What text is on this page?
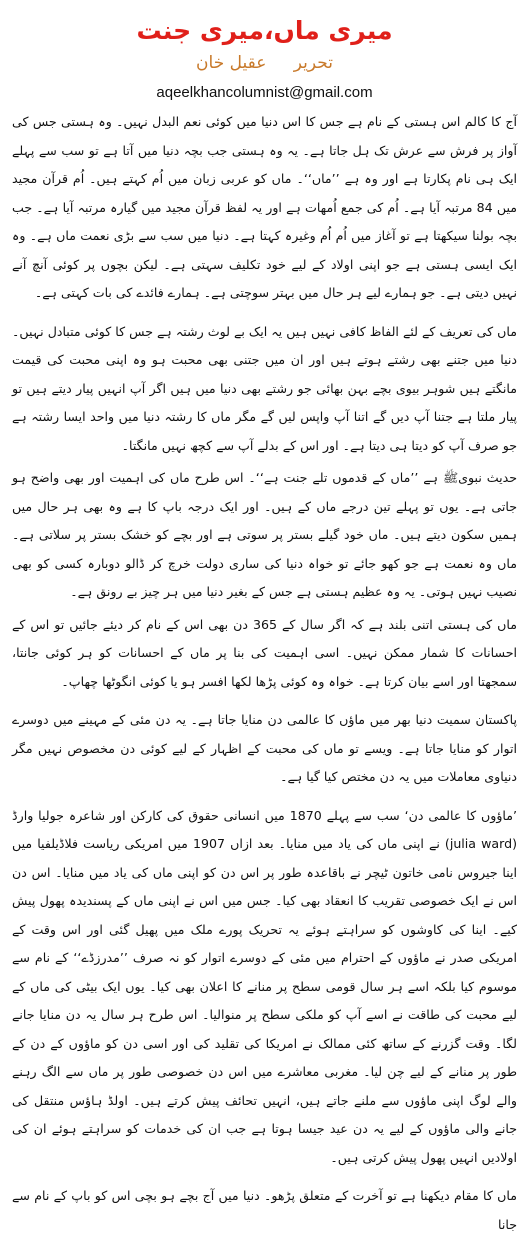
میری ماں،میری جنت
تحریر عقیل خان
aqeelkhancolumnist@gmail.com

آج کا کالم اس ہستی کے نام ہے جس کا اس دنیا میں کوئی نعم البدل نہیں۔ وہ ہستی جس کی آواز پر فرش سے عرش تک ہل جاتا ہے۔ یہ وہ ہستی جب بچہ دنیا میں آتا ہے تو سب سے پہلے ایک ہی نام پکارتا ہے اور وہ ہے ’’ماں‘‘۔ ماں کو عربی زبان میں اُم کہتے ہیں۔ اُم قرآن مجید میں 84 مرتبہ آیا ہے۔ اُم کی جمع اُمھات ہے اور یہ لفظ قرآن مجید میں گیارہ مرتبہ آیا ہے۔ جب بچہ بولنا سیکھتا ہے تو آغاز میں اُم اُم وغیرہ کہتا ہے۔ دنیا میں سب سے بڑی نعمت ماں ہے۔ وہ ایک ایسی ہستی ہے جو اپنی اولاد کے لیے خود تکلیف سہتی ہے۔ لیکن بچوں پر کوئی آنچ آنے نہیں دیتی ہے۔ جو ہمارے لیے ہر حال میں بہتر سوچتی ہے۔ ہمارے فائدے کی بات کہتی ہے۔

ماں کی تعریف کے لئے الفاظ کافی نہیں ہیں یہ ایک بے لوث رشتہ ہے جس کا کوئی متبادل نہیں۔ دنیا میں جتنے بھی رشتے ہوتے ہیں اور ان میں جتنی بھی محبت ہو وہ اپنی محبت کی قیمت مانگتے ہیں شوہر بیوی بچے بہن بھائی جو رشتے بھی دنیا میں ہیں اگر آپ انہیں پیار دیتے ہیں تو پیار ملتا ہے جتنا آپ دیں گے اتنا آپ واپس لیں گے مگر ماں کا رشتہ دنیا میں واحد ایسا رشتہ ہے جو صرف آپ کو دیتا ہی دیتا ہے۔ اور اس کے بدلے آپ سے کچھ نہیں مانگتا۔

حدیث نبویﷺ ہے ’’ماں کے قدموں تلے جنت ہے‘‘۔ اس طرح ماں کی اہمیت اور بھی واضح ہو جاتی ہے۔ یوں تو پہلے تین درجے ماں کے ہیں۔ اور ایک درجہ باپ کا ہے وہ بھی ہر حال میں ہمیں سکون دیتے ہیں۔ ماں خود گیلے بستر پر سوتی ہے اور بچے کو خشک بستر پر سلاتی ہے۔ ماں وہ نعمت ہے جو کھو جائے تو خواہ دنیا کی ساری دولت خرچ کر ڈالو دوبارہ کسی کو بھی نصیب نہیں ہوتی۔ یہ وہ عظیم ہستی ہے جس کے بغیر دنیا میں ہر چیز بے رونق ہے۔

ماں کی ہستی اتنی بلند ہے کہ اگر سال کے 365 دن بھی اس کے نام کر دیئے جائیں تو اس کے احسانات کا شمار ممکن نہیں۔ اسی اہمیت کی بنا پر ماں کے احسانات کو ہر کوئی جانتا، سمجھتا اور اسے بیان کرتا ہے۔ خواہ وہ کوئی پڑھا لکھا افسر ہو یا کوئی انگوٹھا چھاپ۔

پاکستان سمیت دنیا بھر میں ماؤں کا عالمی دن منایا جاتا ہے۔ یہ دن مئی کے مہینے میں دوسرے اتوار کو منایا جاتا ہے۔ ویسے تو ماں کی محبت کے اظہار کے لیے کوئی دن مخصوص نہیں مگر دنیاوی معاملات میں یہ دن مختص کیا گیا ہے۔

’ماؤوں کا عالمی دن‘ سب سے پہلے 1870 میں انسانی حقوق کی کارکن اور شاعرہ جولیا وارڈ (julia ward) نے اپنی ماں کی یاد میں منایا۔ بعد ازاں 1907 میں امریکی ریاست فلاڈیلفیا میں اینا جیروس نامی خاتون ٹیچر نے باقاعدہ طور پر اس دن کو اپنی ماں کی یاد میں منایا۔ اس دن اس نے ایک خصوصی تقریب کا انعقاد بھی کیا۔ جس میں اس نے اپنی ماں کے پسندیدہ پھول پیش کیے۔ اینا کی کاوشوں کو سراہتے ہوئے یہ تحریک پورے ملک میں پھیل گئی اور اس وقت کے امریکی صدر نے ماؤوں کے احترام میں مئی کے دوسرے اتوار کو نہ صرف ’’مدرزڈے‘‘ کے نام سے موسوم کیا بلکہ اسے ہر سال قومی سطح پر منانے کا اعلان بھی کیا۔ یوں ایک بیٹی کی ماں کے لیے محبت کی طاقت نے اسے آپ کو ملکی سطح پر منوالیا۔ اس طرح ہر سال یہ دن منایا جانے لگا۔ وقت گزرنے کے ساتھ کئی ممالک نے امریکا کی تقلید کی اور اسی دن کو ماؤوں کے دن کے طور پر منانے کے لیے چن لیا۔ مغربی معاشرے میں اس دن خصوصی طور پر ماں سے الگ رہنے والے لوگ اپنی ماؤوں سے ملنے جاتے ہیں، انہیں تحائف پیش کرتے ہیں۔ اولڈ ہاؤس منتقل کی جانے والی ماؤوں کے لیے یہ دن عید جیسا ہوتا ہے جب ان کی خدمات کو سراہتے ہوئے ان کی اولادیں انہیں پھول پیش کرتی ہیں۔

ماں کا مقام دیکھنا ہے تو آخرت کے متعلق پڑھو۔ دنیا میں آج بچے ہو بچی اس کو باپ کے نام سے جانا
